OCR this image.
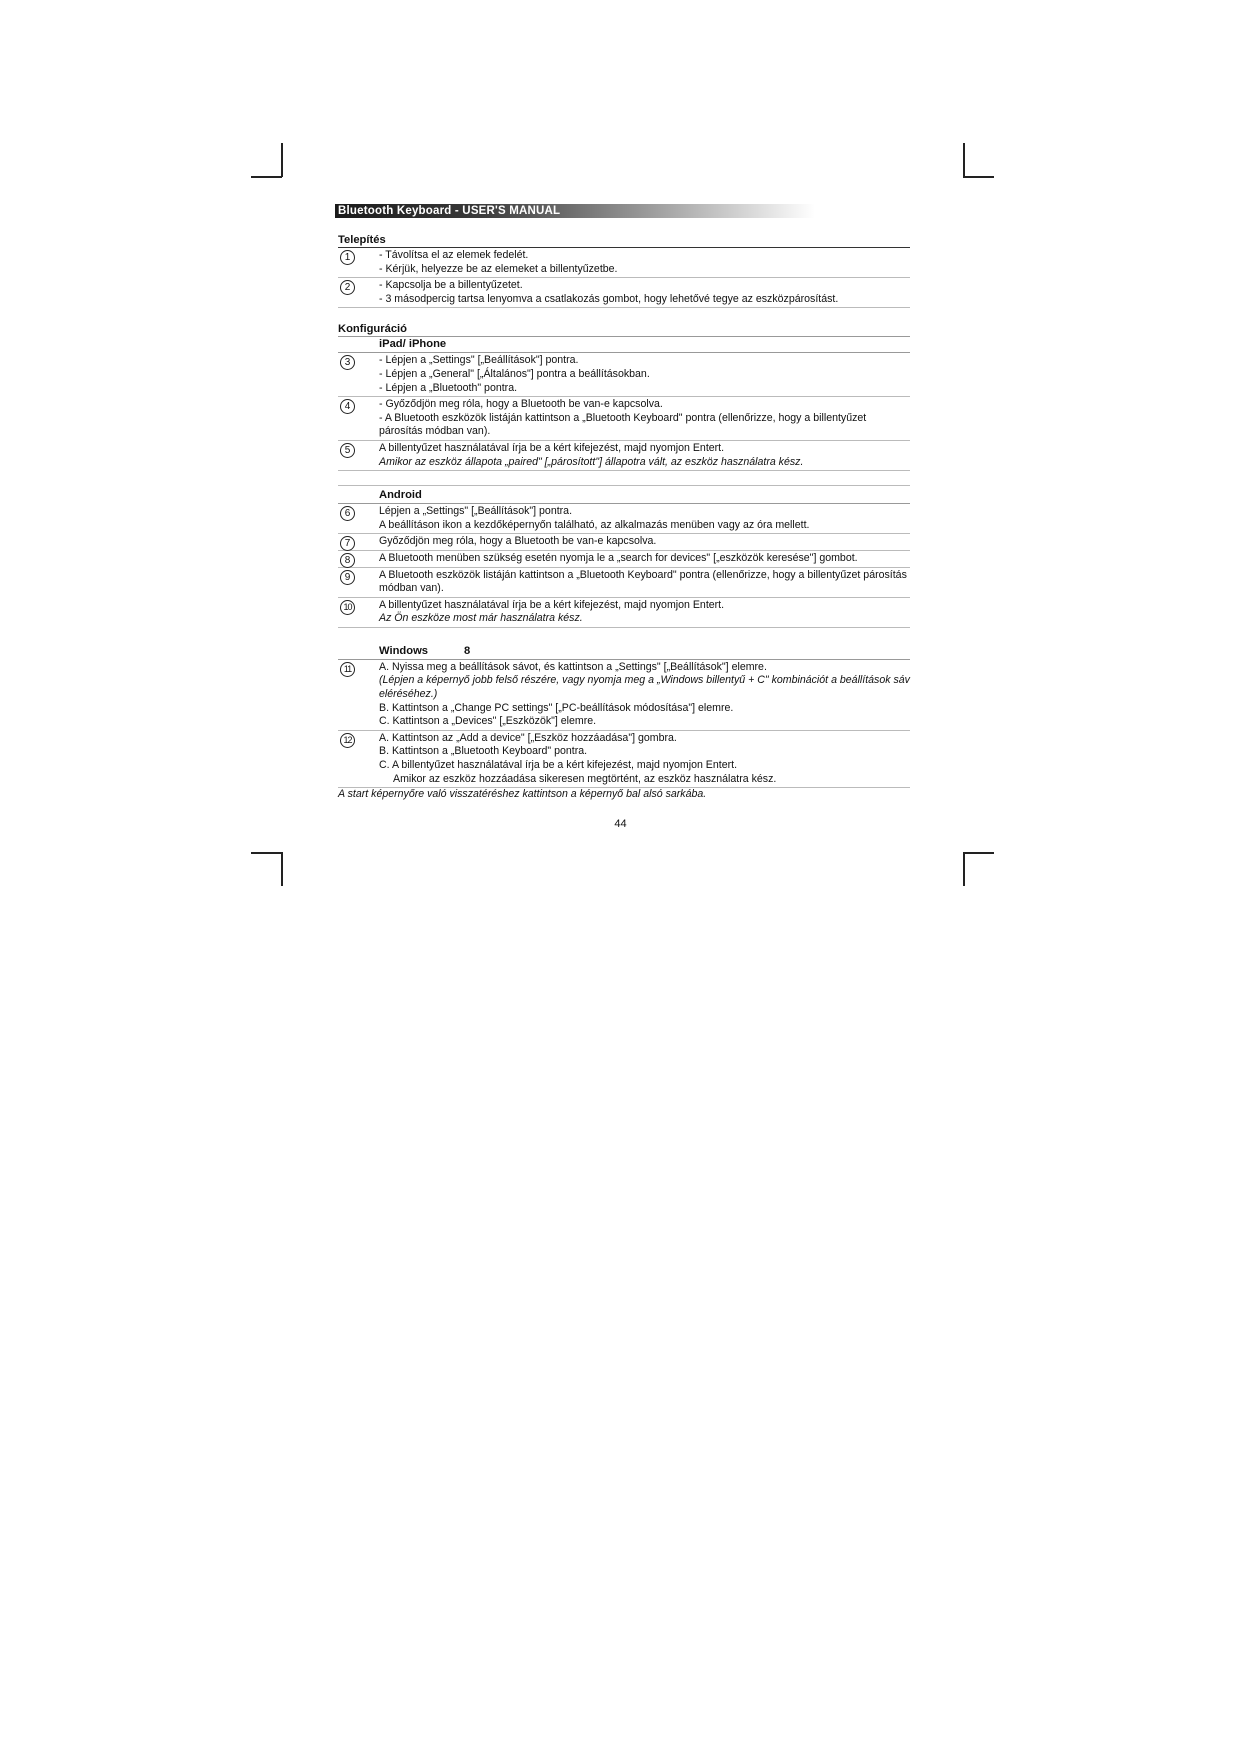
Bluetooth Keyboard - USER'S MANUAL
Telepítés
1	- Távolítsa el az elemek fedelét.
- Kérjük, helyezze be az elemeket a billentyűzetbe.
2	- Kapcsolja be a billentyűzetet.
- 3 másodpercig tartsa lenyomva a csatlakozás gombot, hogy lehetővé tegye az eszközpárosítást.
Konfiguráció
iPad/ iPhone
3	- Lépjen a „Settings" [„Beállítások"] pontra.
- Lépjen a „General" [„Általános"] pontra a beállításokban.
- Lépjen a „Bluetooth" pontra.
4	- Győződjön meg róla, hogy a Bluetooth be van-e kapcsolva.
- A Bluetooth eszközök listáján kattintson a „Bluetooth Keyboard" pontra (ellenőrizze, hogy a billentyűzet párosítás módban van).
5	A billentyűzet használatával írja be a kért kifejezést, majd nyomjon Entert.
Amikor az eszköz állapota „paired" [„párosított"] állapotra vált, az eszköz használatra kész.
Android
6	Lépjen a „Settings" [„Beállítások"] pontra.
A beállításon ikon a kezdőképernyőn található, az alkalmazás menüben vagy az óra mellett.
7	Győződjön meg róla, hogy a Bluetooth be van-e kapcsolva.
8	A Bluetooth menüben szükség esetén nyomja le a „search for devices" [„eszközök keresése"] gombot.
9	A Bluetooth eszközök listáján kattintson a „Bluetooth Keyboard" pontra (ellenőrizze, hogy a billentyűzet párosítás módban van).
10	A billentyűzet használatával írja be a kért kifejezést, majd nyomjon Entert.
Az Ön eszköze most már használatra kész.
Windows	8
11	A. Nyissa meg a beállítások sávot, és kattintson a „Settings" [„Beállítások"] elemre.
(Lépjen a képernyő jobb felső részére, vagy nyomja meg a „Windows billentyű + C" kombinációt a beállítások sáv eléréséhez.)
B. Kattintson a „Change PC settings" [„PC-beállítások módosítása"] elemre.
C. Kattintson a „Devices" [„Eszközök"] elemre.
12	A. Kattintson az „Add a device" [„Eszköz hozzáadása"] gombra.
B. Kattintson a „Bluetooth Keyboard" pontra.
C. A billentyűzet használatával írja be a kért kifejezést, majd nyomjon Entert.
Amikor az eszköz hozzáadása sikeresen megtörtént, az eszköz használatra kész.
A start képernyőre való visszatéréshez kattintson a képernyő bal alsó sarkába.
44
